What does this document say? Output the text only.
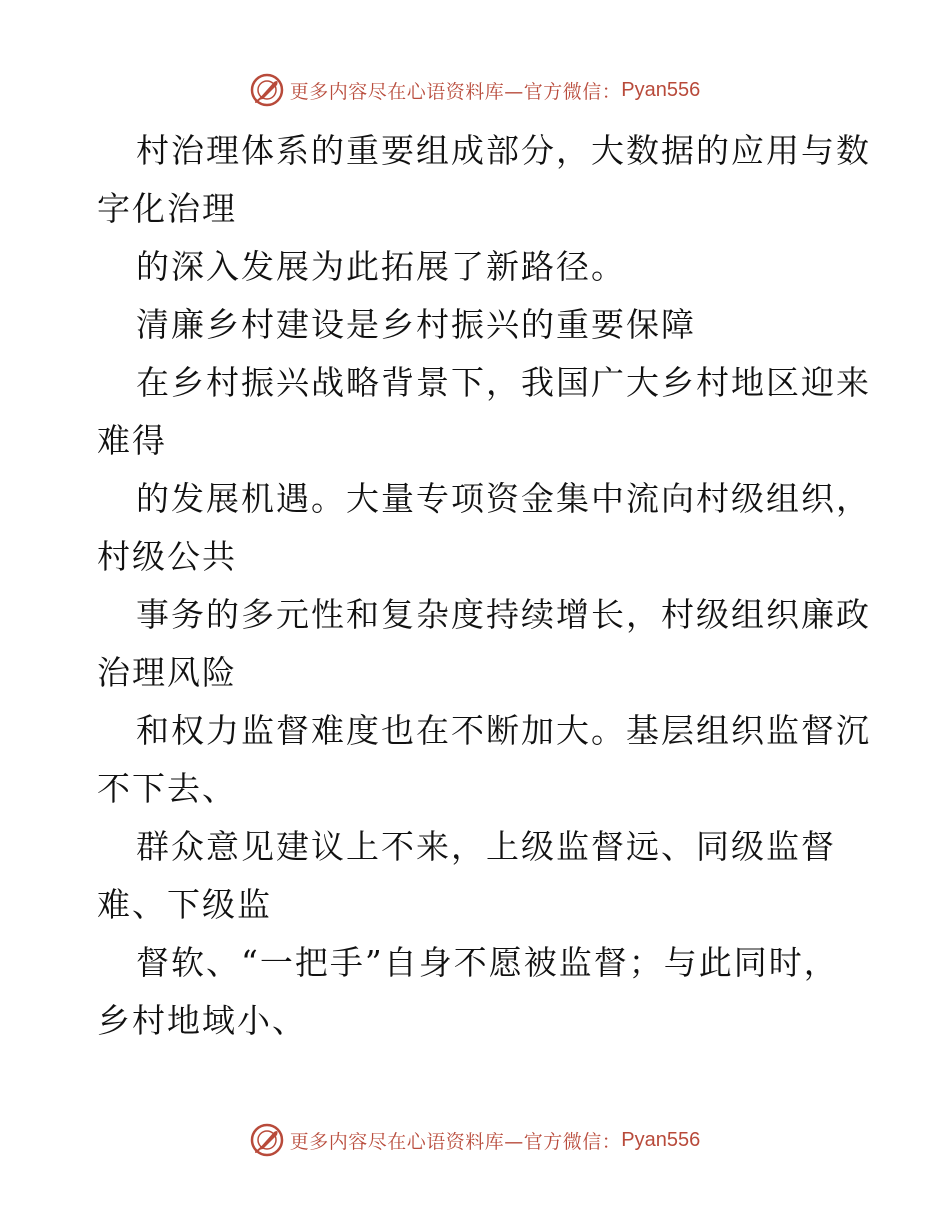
更多内容尽在心语资料库—官方微信： Pyan556
村治理体系的重要组成部分，大数据的应用与数
字化治理
的深入发展为此拓展了新路径。
清廉乡村建设是乡村振兴的重要保障
在乡村振兴战略背景下，我国广大乡村地区迎来
难得
的发展机遇。大量专项资金集中流向村级组织，
村级公共
事务的多元性和复杂度持续增长，村级组织廉政
治理风险
和权力监督难度也在不断加大。基层组织监督沉
不下去、
群众意见建议上不来，上级监督远、同级监督
难、下级监
督软、“一把手”自身不愿被监督；与此同时，
乡村地域小、
更多内容尽在心语资料库—官方微信： Pyan556
